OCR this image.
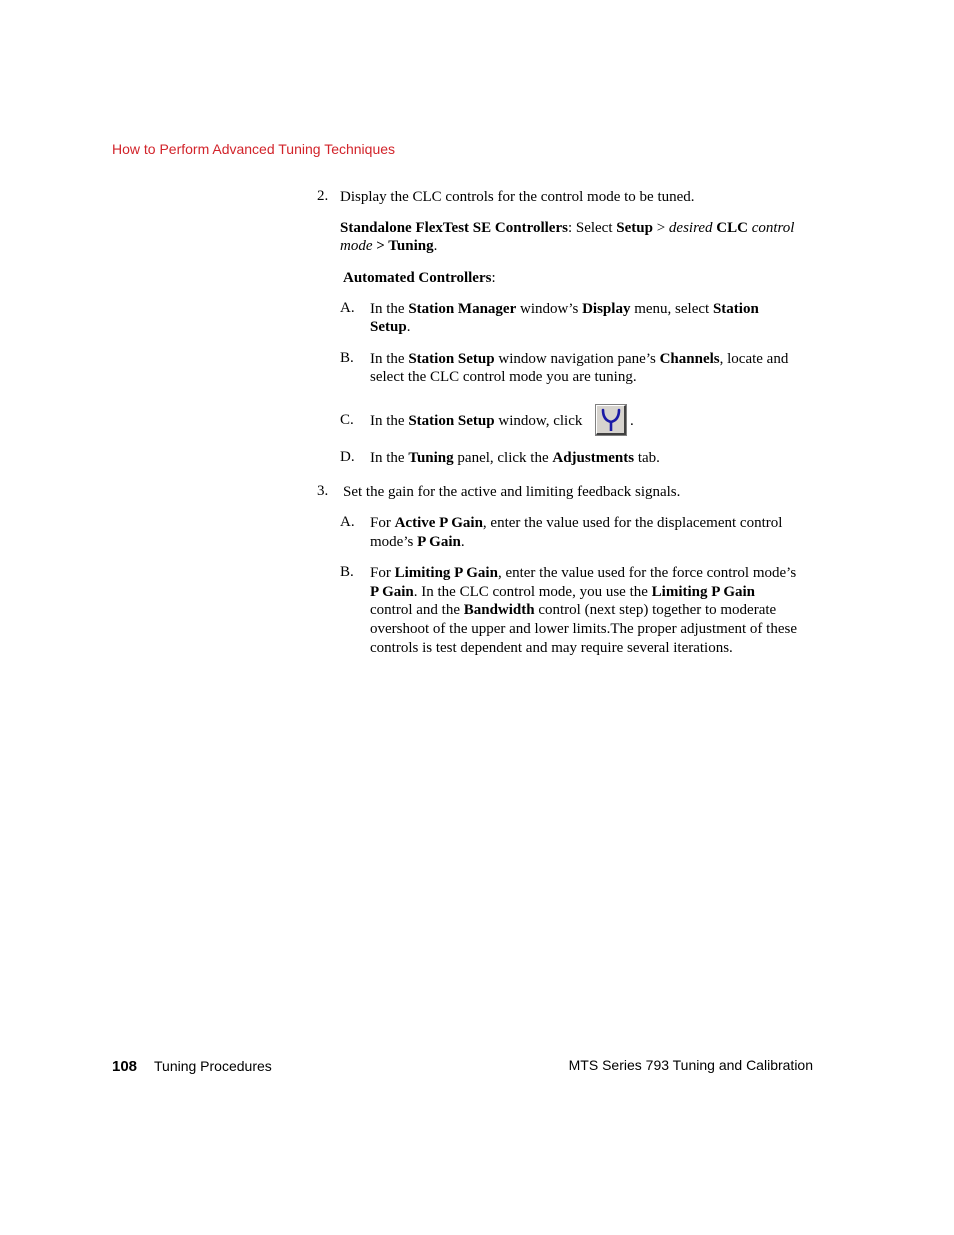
How to Perform Advanced Tuning Techniques
2. Display the CLC controls for the control mode to be tuned.
Standalone FlexTest SE Controllers: Select Setup > desired CLC control
mode > Tuning.
Automated Controllers:
A. In the Station Manager window’s Display menu, select Station
Setup.
B. In the Station Setup window navigation pane’s Channels, locate and
select the CLC control mode you are tuning.
C. In the Station Setup window, click	.
D. In the Tuning panel, click the Adjustments tab.
3. Set the gain for the active and limiting feedback signals.
A. For Active P Gain, enter the value used for the displacement control
mode’s P Gain.
B. For Limiting P Gain, enter the value used for the force control mode’s
P Gain. In the CLC control mode, you use the Limiting P Gain
control and the Bandwidth control (next step) together to moderate
overshoot of the upper and lower limits.The proper adjustment of these
controls is test dependent and may require several iterations.
108 Tuning Procedures	MTS Series 793 Tuning and Calibration
